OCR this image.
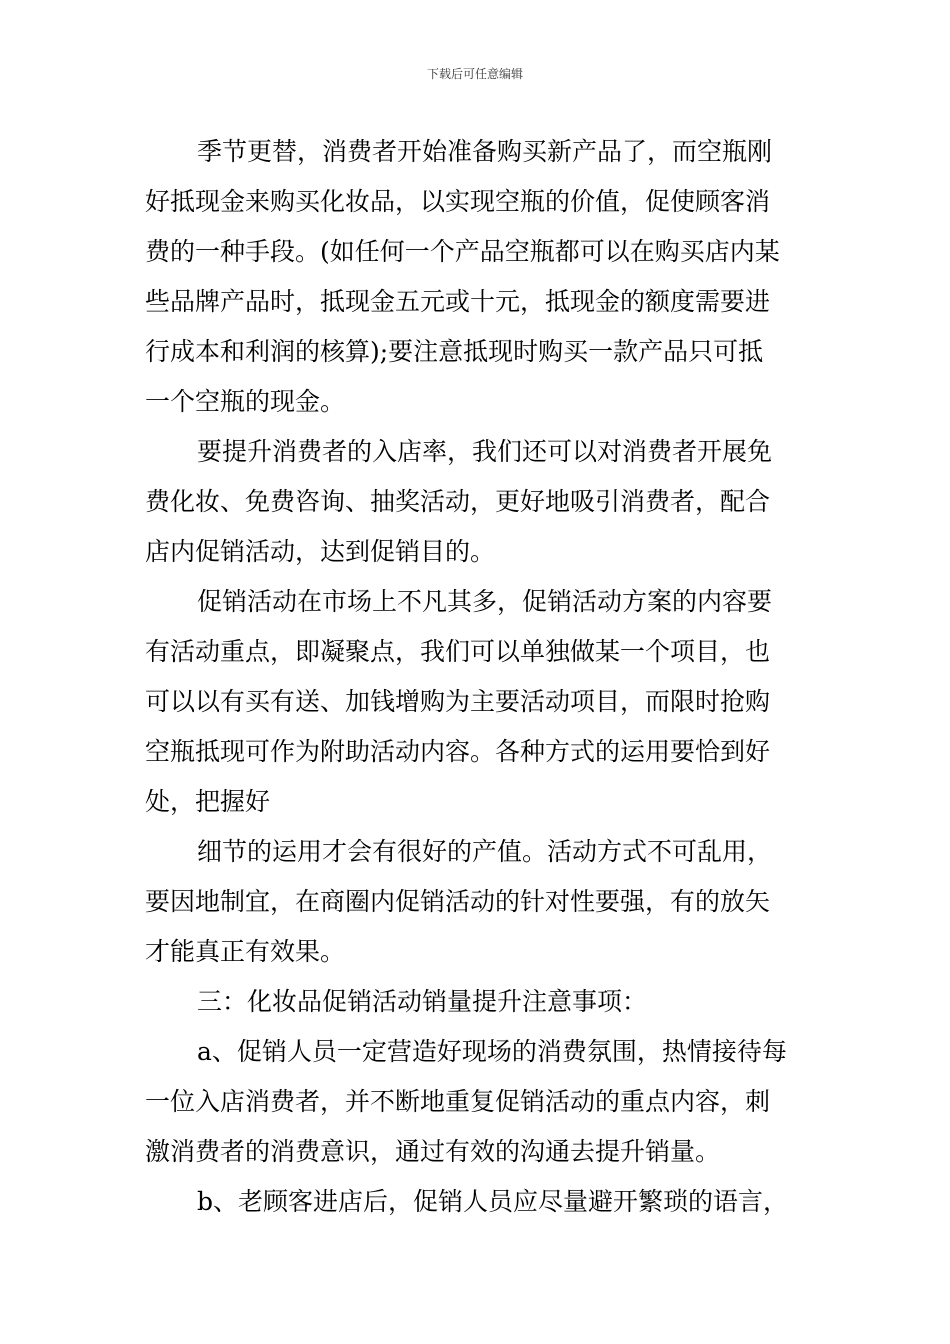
下载后可任意编辑
季节更替，消费者开始准备购买新产品了，而空瓶刚
好抵现金来购买化妆品，以实现空瓶的价值，促使顾客消
费的一种手段。(如任何一个产品空瓶都可以在购买店内某
些品牌产品时，抵现金五元或十元，抵现金的额度需要进
行成本和利润的核算);要注意抵现时购买一款产品只可抵
一个空瓶的现金。
要提升消费者的入店率，我们还可以对消费者开展免
费化妆、免费咨询、抽奖活动，更好地吸引消费者，配合
店内促销活动，达到促销目的。
促销活动在市场上不凡其多，促销活动方案的内容要
有活动重点，即凝聚点，我们可以单独做某一个项目，也
可以以有买有送、加钱增购为主要活动项目，而限时抢购
空瓶抵现可作为附助活动内容。各种方式的运用要恰到好
处，把握好
细节的运用才会有很好的产值。活动方式不可乱用，
要因地制宜，在商圈内促销活动的针对性要强，有的放矢
才能真正有效果。
三：化妆品促销活动销量提升注意事项：
a、促销人员一定营造好现场的消费氛围，热情接待每
一位入店消费者，并不断地重复促销活动的重点内容，刺
激消费者的消费意识，通过有效的沟通去提升销量。
b、老顾客进店后，促销人员应尽量避开繁琐的语言，
